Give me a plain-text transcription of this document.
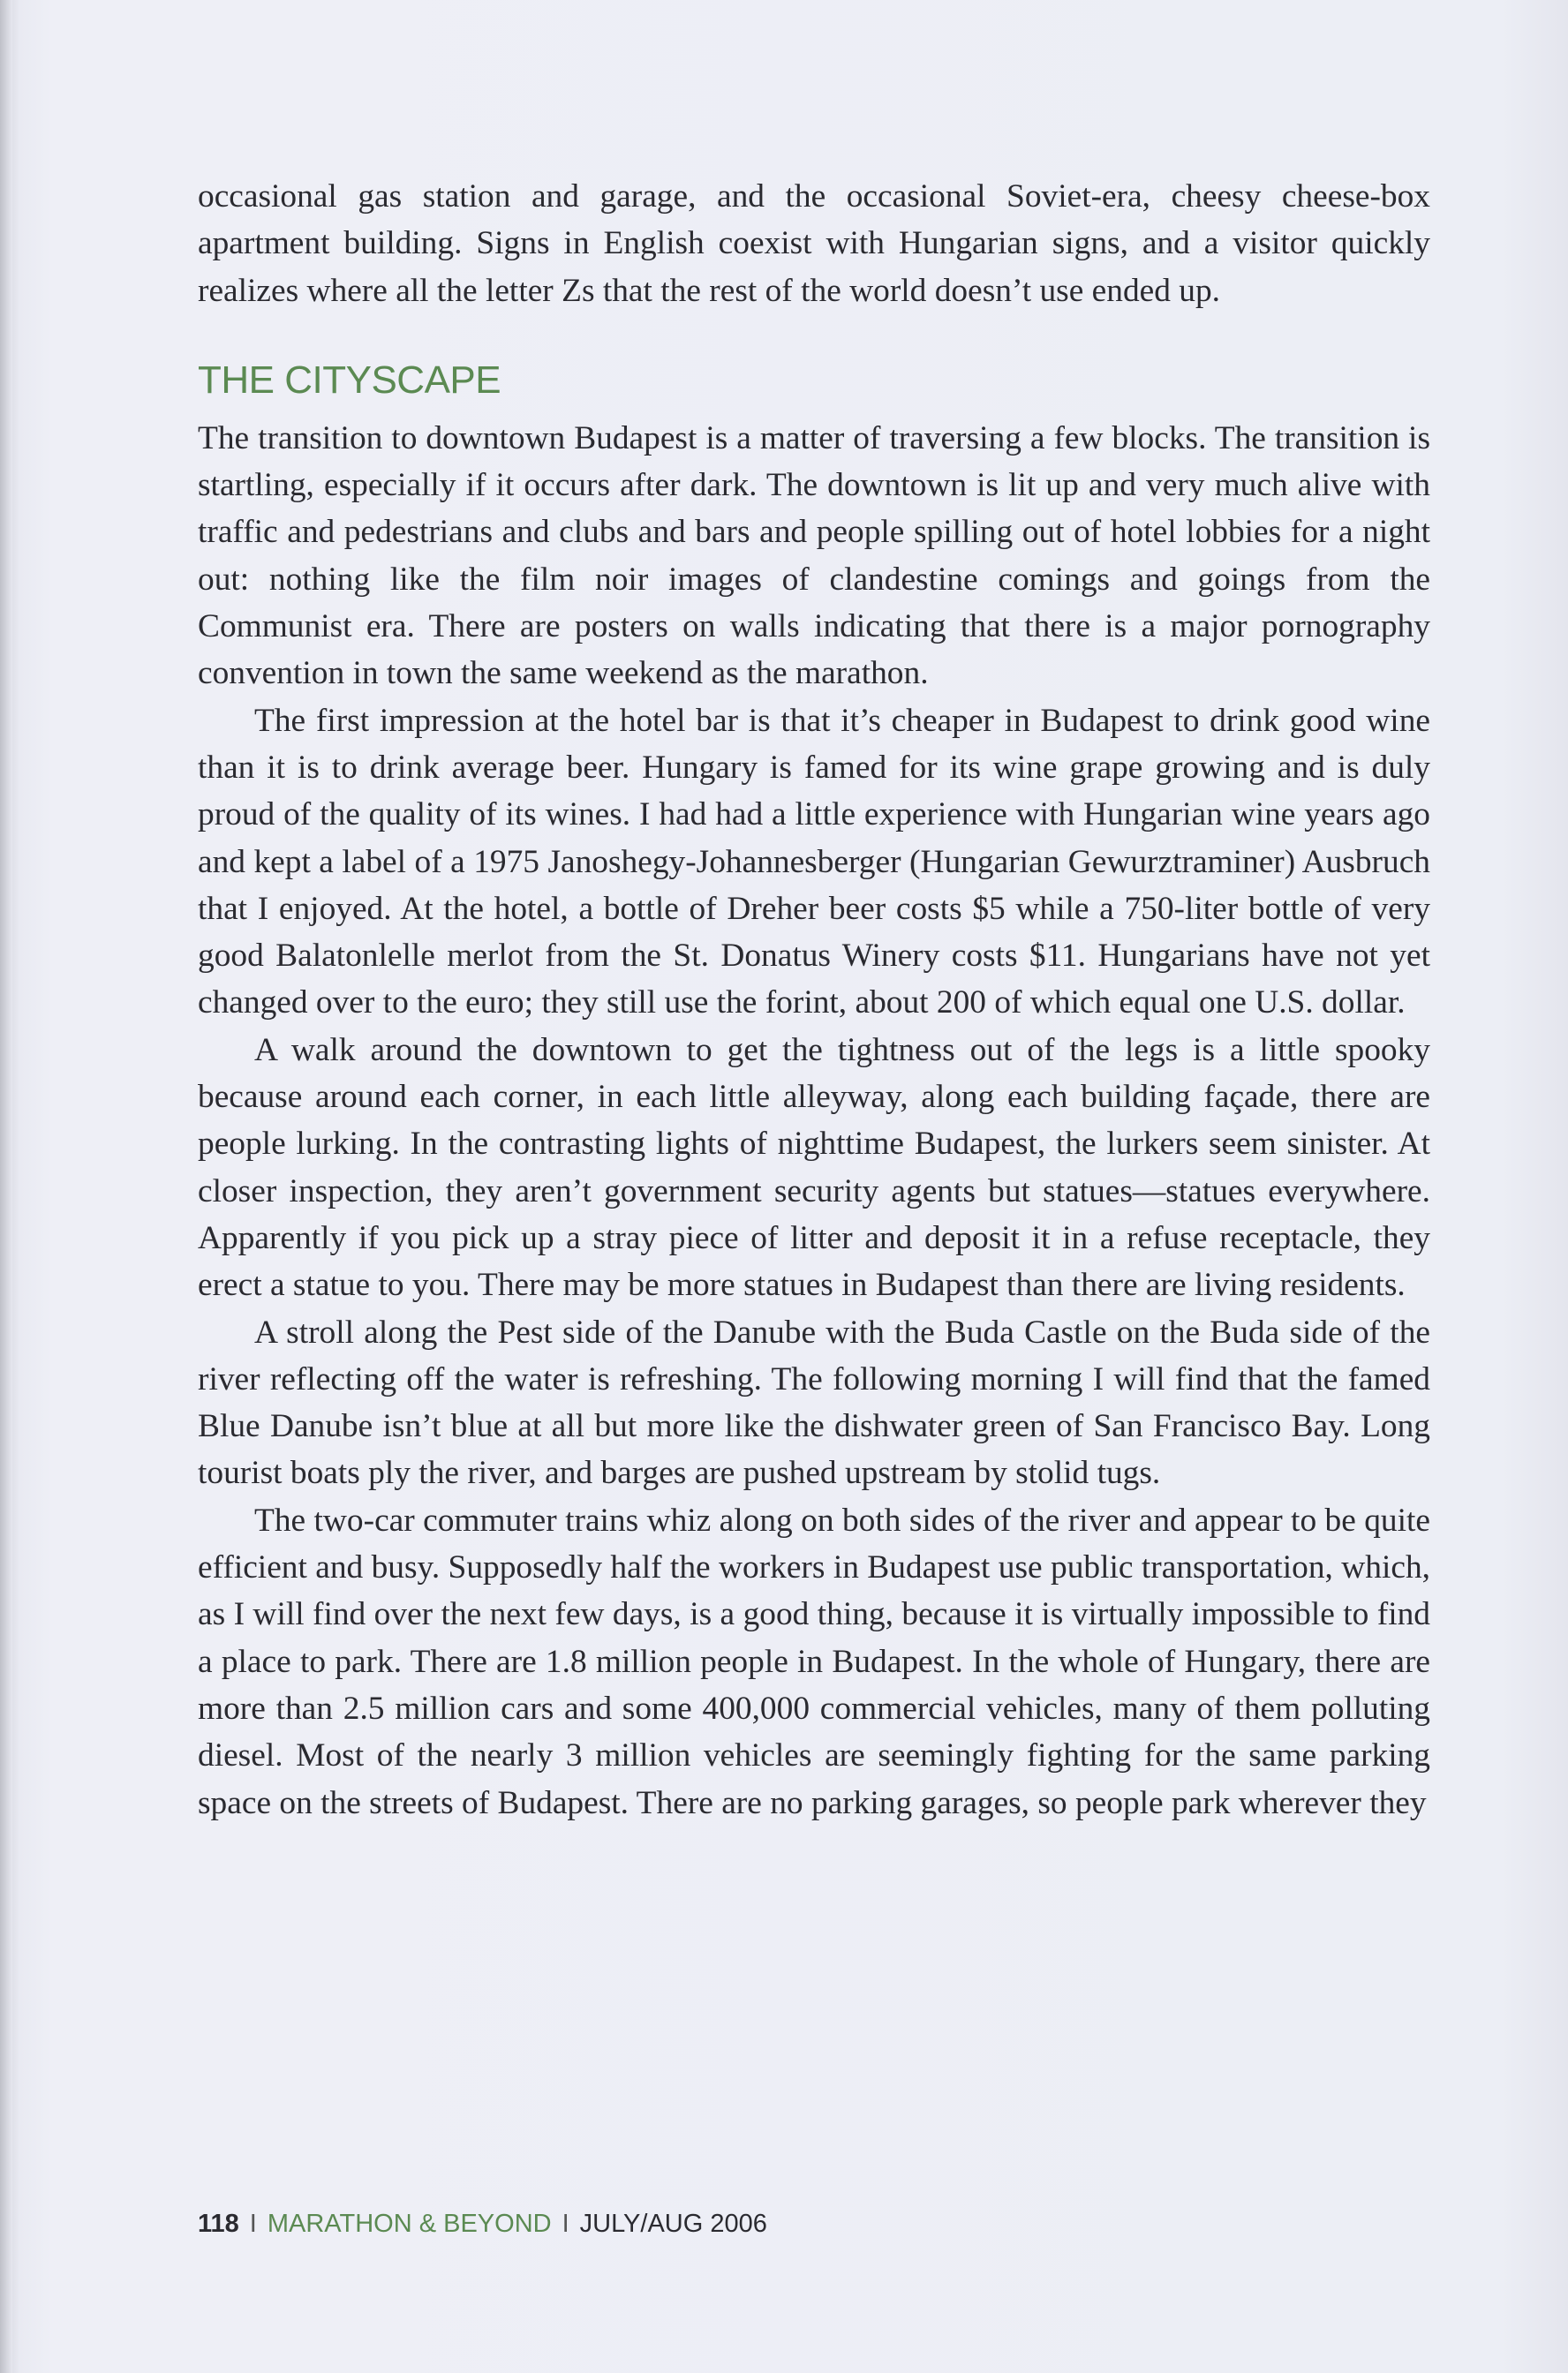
occasional gas station and garage, and the occasional Soviet-era, cheesy cheese-box apartment building. Signs in English coexist with Hungarian signs, and a visitor quickly realizes where all the letter Zs that the rest of the world doesn’t use ended up.

THE CITYSCAPE

The transition to downtown Budapest is a matter of traversing a few blocks. The transition is startling, especially if it occurs after dark. The downtown is lit up and very much alive with traffic and pedestrians and clubs and bars and people spilling out of hotel lobbies for a night out: nothing like the film noir images of clandestine comings and goings from the Communist era. There are posters on walls indicating that there is a major pornography convention in town the same weekend as the marathon.

The first impression at the hotel bar is that it’s cheaper in Budapest to drink good wine than it is to drink average beer. Hungary is famed for its wine grape growing and is duly proud of the quality of its wines. I had had a little experience with Hungarian wine years ago and kept a label of a 1975 Janoshegy-Johannesberger (Hungarian Gewurztraminer) Ausbruch that I enjoyed. At the hotel, a bottle of Dreher beer costs $5 while a 750-liter bottle of very good Balatonlelle merlot from the St. Donatus Winery costs $11. Hungarians have not yet changed over to the euro; they still use the forint, about 200 of which equal one U.S. dollar.

A walk around the downtown to get the tightness out of the legs is a little spooky because around each corner, in each little alleyway, along each building façade, there are people lurking. In the contrasting lights of nighttime Budapest, the lurkers seem sinister. At closer inspection, they aren’t government security agents but statues—statues everywhere. Apparently if you pick up a stray piece of litter and deposit it in a refuse receptacle, they erect a statue to you. There may be more statues in Budapest than there are living residents.

A stroll along the Pest side of the Danube with the Buda Castle on the Buda side of the river reflecting off the water is refreshing. The following morning I will find that the famed Blue Danube isn’t blue at all but more like the dishwater green of San Francisco Bay. Long tourist boats ply the river, and barges are pushed upstream by stolid tugs.

The two-car commuter trains whiz along on both sides of the river and appear to be quite efficient and busy. Supposedly half the workers in Budapest use public transportation, which, as I will find over the next few days, is a good thing, because it is virtually impossible to find a place to park. There are 1.8 million people in Budapest. In the whole of Hungary, there are more than 2.5 million cars and some 400,000 commercial vehicles, many of them polluting diesel. Most of the nearly 3 million vehicles are seemingly fighting for the same parking space on the streets of Budapest. There are no parking garages, so people park wherever they

118 I MARATHON & BEYOND I JULY/AUG 2006
